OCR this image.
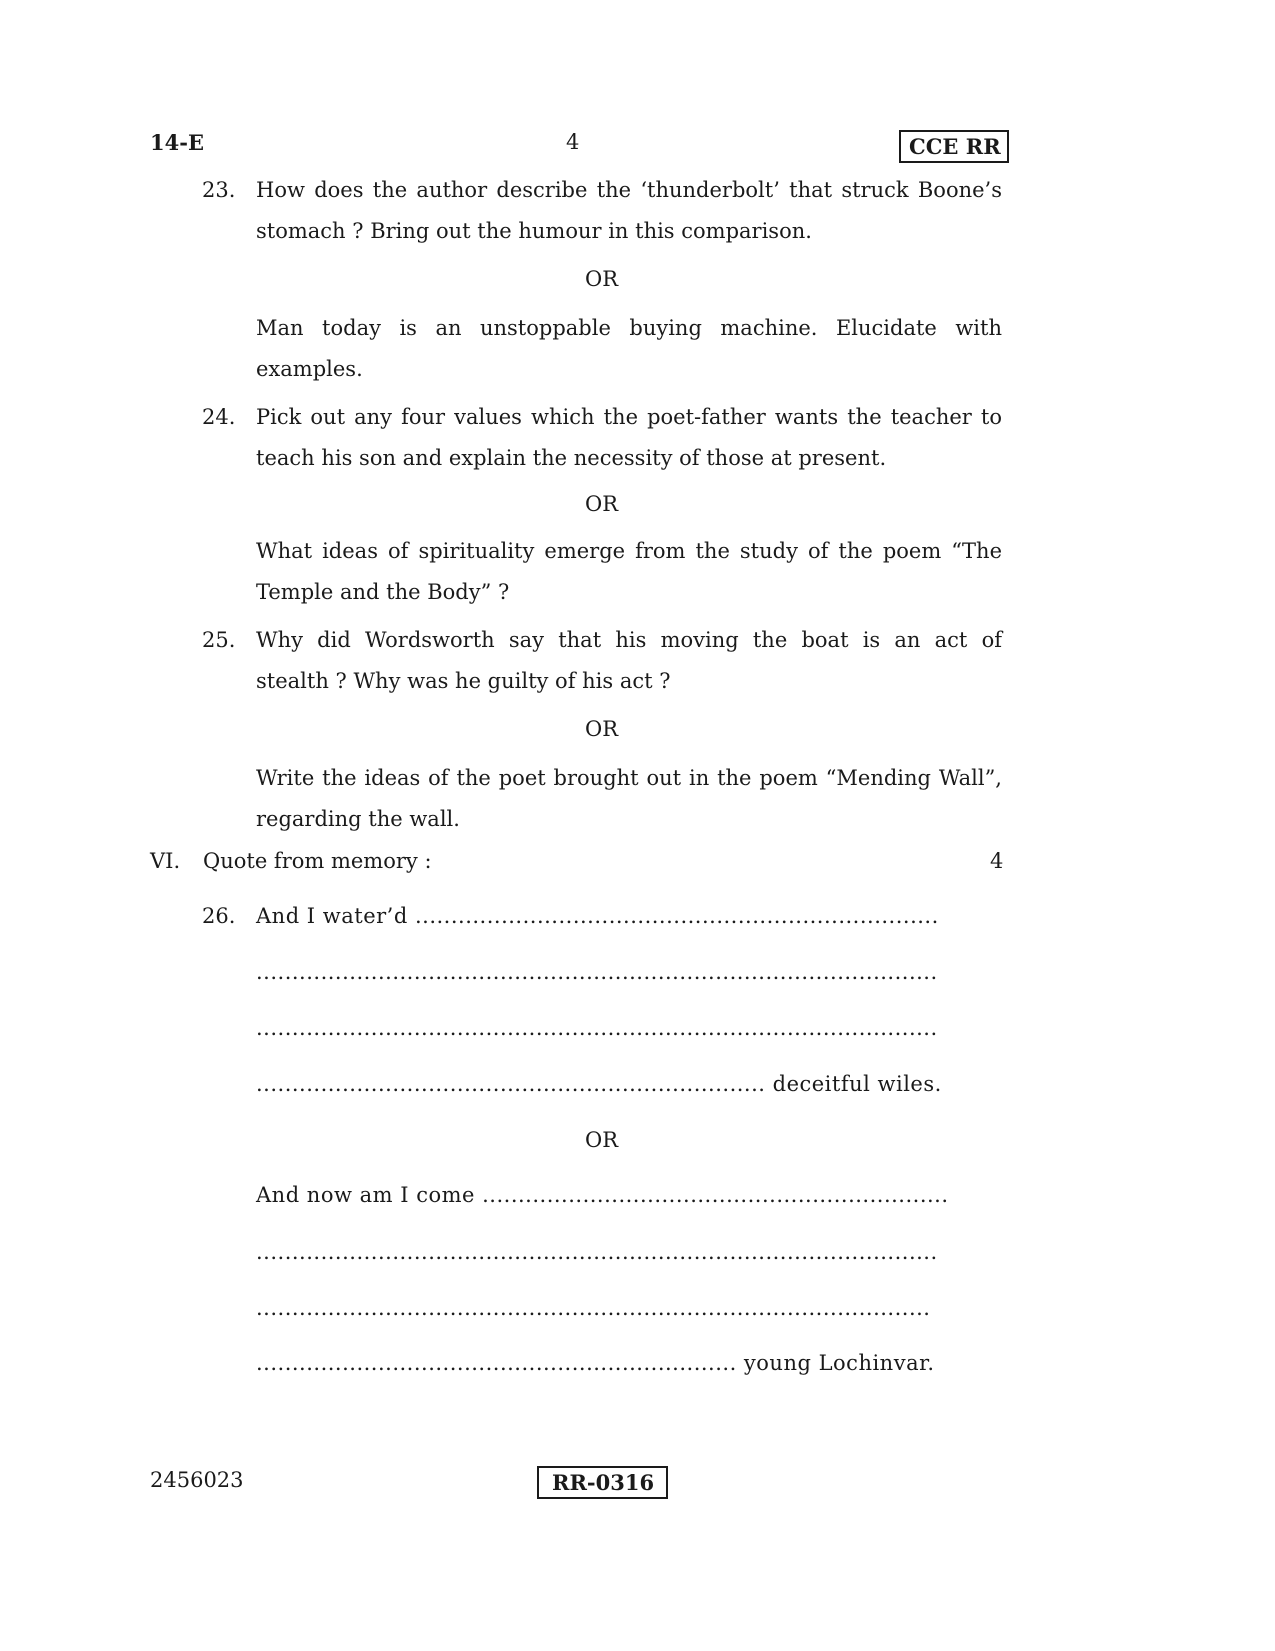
14-E	4	CCE RR
23. How does the author describe the ‘thunderbolt’ that struck Boone’s
stomach ? Bring out the humour in this comparison.
OR
Man today is an unstoppable buying machine. Elucidate with
examples.
24. Pick out any four values which the poet-father wants the teacher to
teach his son and explain the necessity of those at present.
OR
What ideas of spirituality emerge from the study of the poem “The
Temple and the Body” ?
25. Why did Wordsworth say that his moving the boat is an act of
stealth ? Why was he guilty of his act ?
OR
Write the ideas of the poet brought out in the poem “Mending Wall”,
regarding the wall.
VI. Quote from memory :	4
26. And I water’d .........................................................................
...............................................................................................
...............................................................................................
....................................................................... deceitful wiles.
OR
And now am I come .................................................................
...............................................................................................
..............................................................................................
................................................................... young Lochinvar.
2456023	RR-0316
